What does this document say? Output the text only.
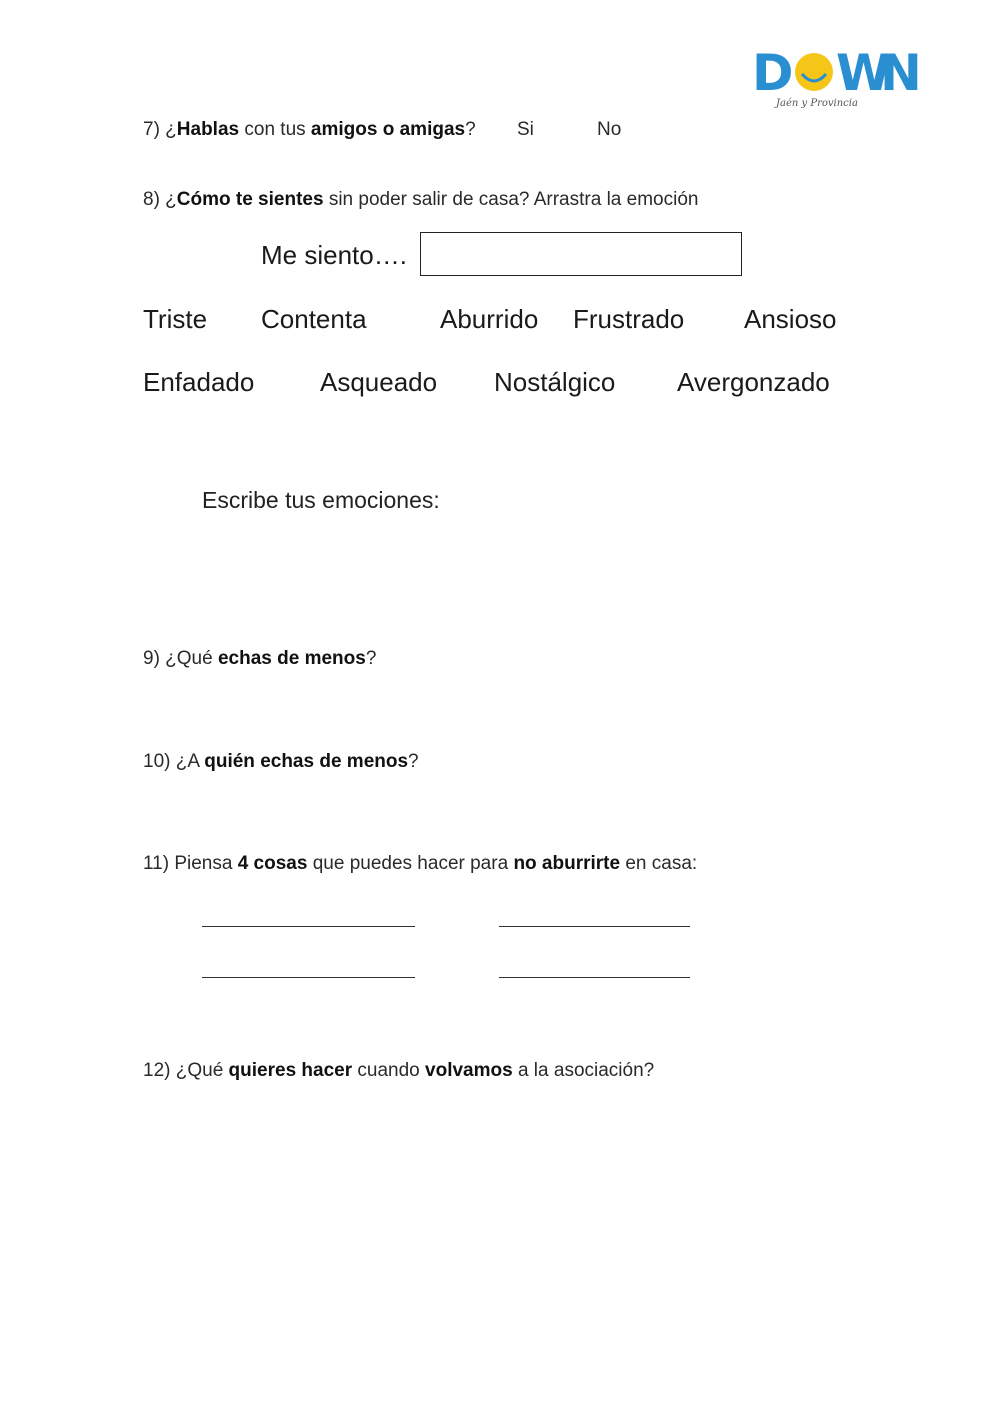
D W
N
Jaén y Provincia
7) ¿Hablas con tus amigos o amigas? Si	No
8) ¿Cómo te sientes sin poder salir de casa? Arrastra la emoción
Me siento….
Triste Contenta	Aburrido Frustrado Ansioso
Enfadado	Asqueado Nostálgico Avergonzado
Escribe tus emociones:
9) ¿Qué echas de menos?
10) ¿A quién echas de menos?
11) Piensa 4 cosas que puedes hacer para no aburrirte en casa:
12) ¿Qué quieres hacer cuando volvamos a la asociación?
